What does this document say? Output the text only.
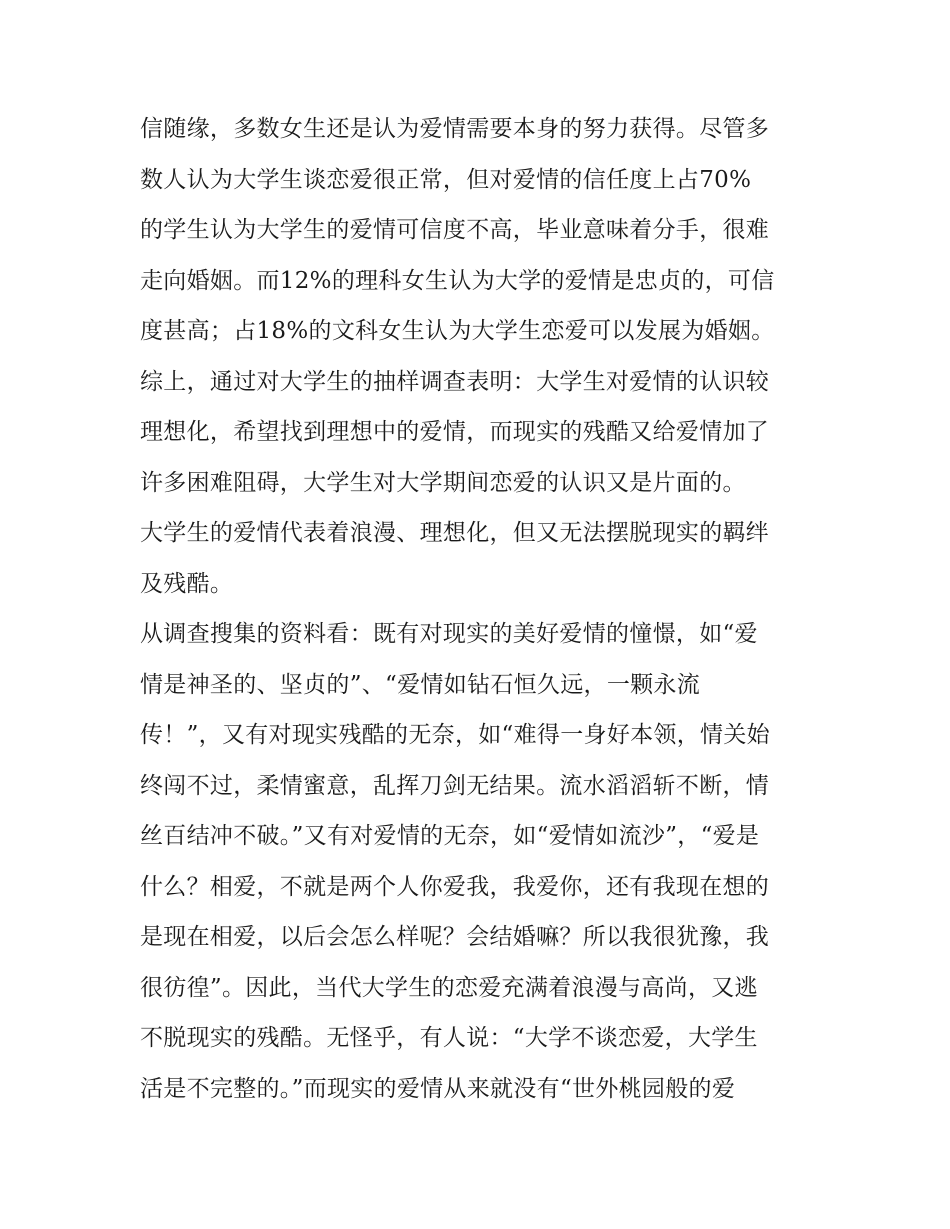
信随缘，多数女生还是认为爱情需要本身的努力获得。尽管多
数人认为大学生谈恋爱很正常，但对爱情的信任度上占70%
的学生认为大学生的爱情可信度不高，毕业意味着分手，很难
走向婚姻。而12%的理科女生认为大学的爱情是忠贞的，可信
度甚高；占18%的文科女生认为大学生恋爱可以发展为婚姻。
综上，通过对大学生的抽样调查表明：大学生对爱情的认识较
理想化，希望找到理想中的爱情，而现实的残酷又给爱情加了
许多困难阻碍，大学生对大学期间恋爱的认识又是片面的。
大学生的爱情代表着浪漫、理想化，但又无法摆脱现实的羁绊
及残酷。
从调查搜集的资料看：既有对现实的美好爱情的憧憬，如“爱
情是神圣的、坚贞的”、“爱情如钻石恒久远，一颗永流
传！”，又有对现实残酷的无奈，如“难得一身好本领，情关始
终闯不过，柔情蜜意，乱挥刀剑无结果。流水滔滔斩不断，情
丝百结冲不破。”又有对爱情的无奈，如“爱情如流沙”，“爱是
什么？相爱，不就是两个人你爱我，我爱你，还有我现在想的
是现在相爱，以后会怎么样呢？会结婚嘛？所以我很犹豫，我
很彷徨”。因此，当代大学生的恋爱充满着浪漫与高尚，又逃
不脱现实的残酷。无怪乎，有人说：“大学不谈恋爱，大学生
活是不完整的。”而现实的爱情从来就没有“世外桃园般的爱
